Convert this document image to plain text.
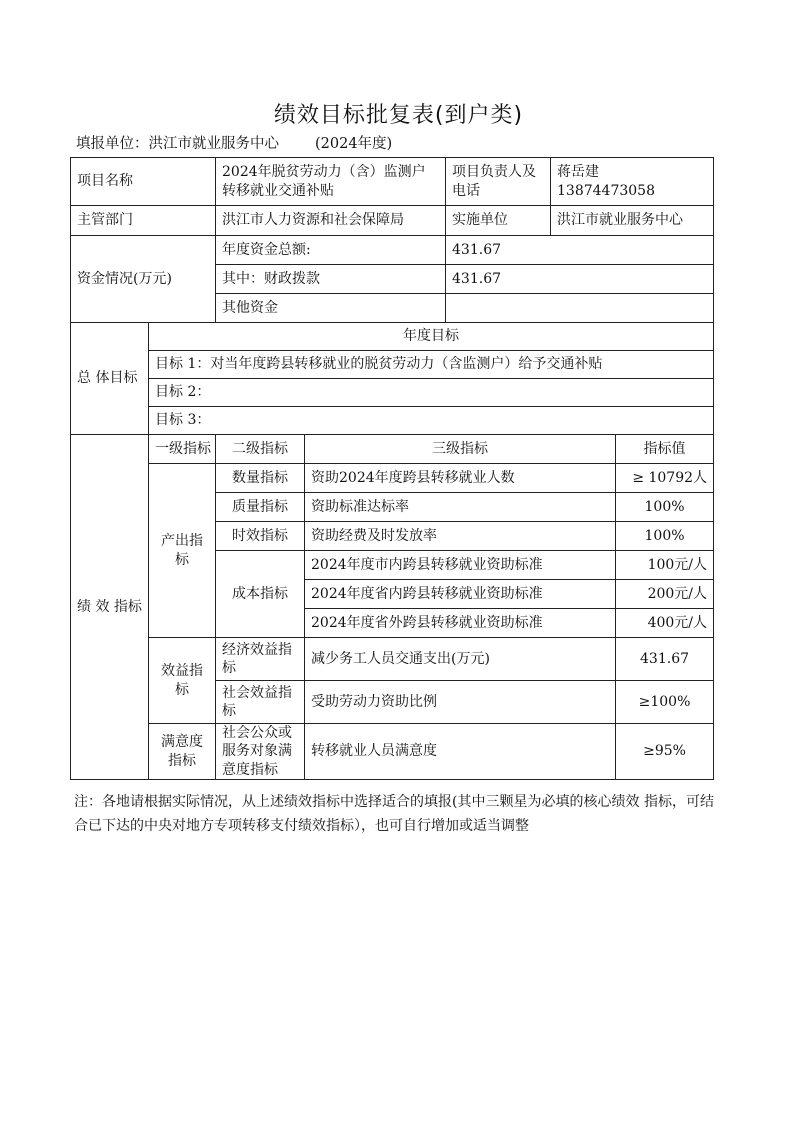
绩效目标批复表(到户类)
填报单位：洪江市就业服务中心 (2024年度)
项目名称		2024年脱贫劳动力（含）监测户转移就业交通补贴		项目负责人及电话	蒋岳建　13874473058	
主管部门		洪江市人力资源和社会保障局		实施单位	洪江市就业服务中心	
资金情况(万元)		年度资金总额:		431.67		
		其中：财政拨款		431.67		
		其他资金				
总 体目标	年度目标					
	目标 1：对当年度跨县转移就业的脱贫劳动力（含监测户）给予交通补贴					
	目标 2：					
	目标 3：					
绩 效 指标	一级指标	二级指标	三级指标			指标值
	产出指标	数量指标	资助2024年度跨县转移就业人数			≥ 10792人
		质量指标	资助标准达标率			100%
		时效指标	资助经费及时发放率			100%
		成本指标	2024年度市内跨县转移就业资助标准			100元/人
			2024年度省内跨县转移就业资助标准			200元/人
			2024年度省外跨县转移就业资助标准			400元/人
	效益指标	经济效益指标	减少务工人员交通支出(万元)			431.67
		社会效益指标	受助劳动力资助比例			≥100%
	满意度指标	社会公众或服务对象满意度指标	转移就业人员满意度			≥95%
注：各地请根据实际情况，从上述绩效指标中选择适合的填报(其中三颗星为必填的核心绩效 指标，可结合已下达的中央对地方专项转移支付绩效指标），也可自行增加或适当调整
